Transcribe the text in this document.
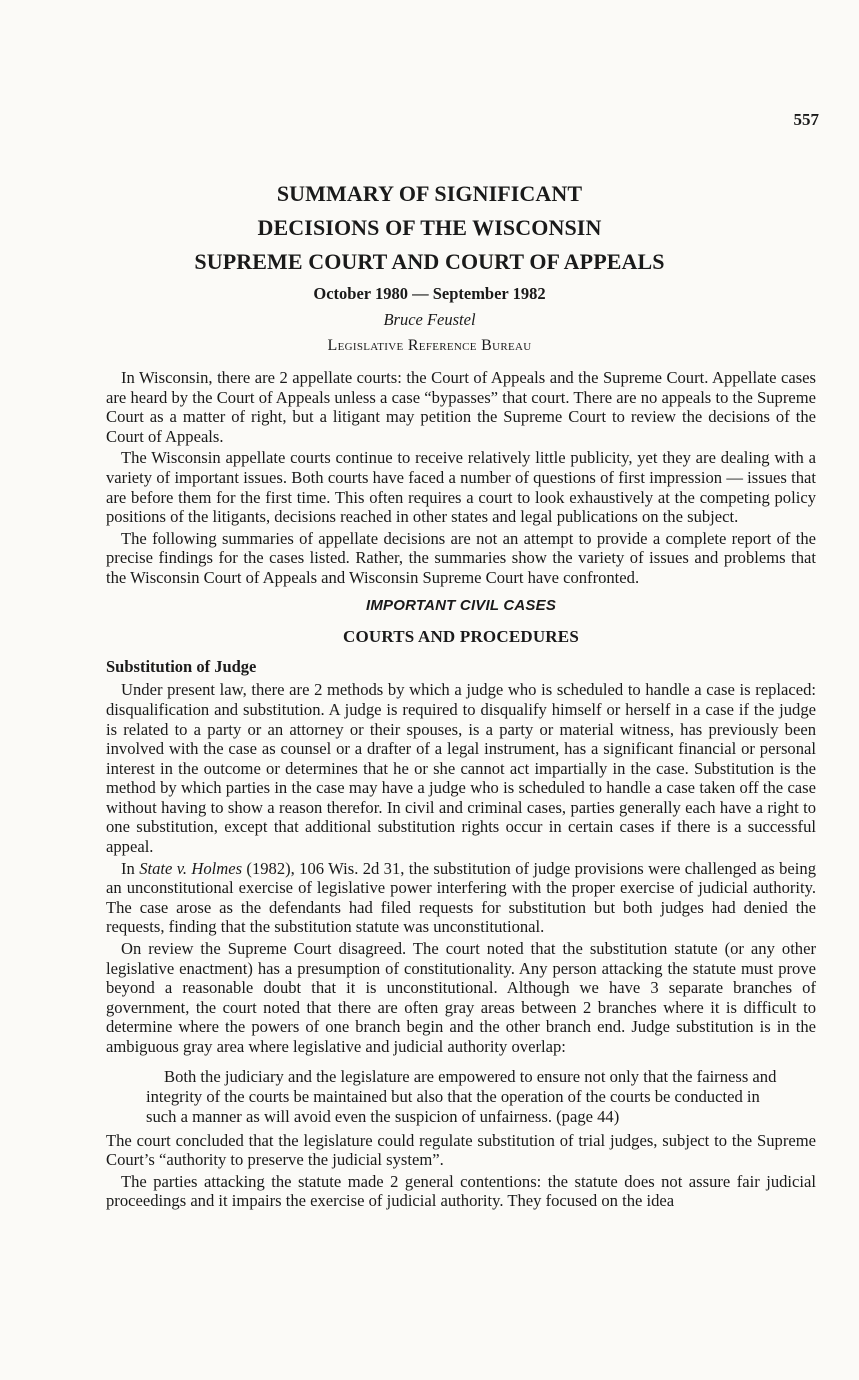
557
SUMMARY OF SIGNIFICANT
DECISIONS OF THE WISCONSIN
SUPREME COURT AND COURT OF APPEALS
October 1980 — September 1982
Bruce Feustel
Legislative Reference Bureau

In Wisconsin, there are 2 appellate courts: the Court of Appeals and the Supreme Court. Appellate cases are heard by the Court of Appeals unless a case “bypasses” that court. There are no appeals to the Supreme Court as a matter of right, but a litigant may petition the Supreme Court to review the decisions of the Court of Appeals.

The Wisconsin appellate courts continue to receive relatively little publicity, yet they are dealing with a variety of important issues. Both courts have faced a number of questions of first impression — issues that are before them for the first time. This often requires a court to look exhaustively at the competing policy positions of the litigants, decisions reached in other states and legal publications on the subject.

The following summaries of appellate decisions are not an attempt to provide a complete report of the precise findings for the cases listed. Rather, the summaries show the variety of issues and problems that the Wisconsin Court of Appeals and Wisconsin Supreme Court have confronted.

IMPORTANT CIVIL CASES
COURTS AND PROCEDURES
Substitution of Judge

Under present law, there are 2 methods by which a judge who is scheduled to handle a case is replaced: disqualification and substitution. A judge is required to disqualify himself or herself in a case if the judge is related to a party or an attorney or their spouses, is a party or material witness, has previously been involved with the case as counsel or a drafter of a legal instrument, has a significant financial or personal interest in the outcome or determines that he or she cannot act impartially in the case. Substitution is the method by which parties in the case may have a judge who is scheduled to handle a case taken off the case without having to show a reason therefor. In civil and criminal cases, parties generally each have a right to one substitution, except that additional substitution rights occur in certain cases if there is a successful appeal.

In State v. Holmes (1982), 106 Wis. 2d 31, the substitution of judge provisions were challenged as being an unconstitutional exercise of legislative power interfering with the proper exercise of judicial authority. The case arose as the defendants had filed requests for substitution but both judges had denied the requests, finding that the substitution statute was unconstitutional.

On review the Supreme Court disagreed. The court noted that the substitution statute (or any other legislative enactment) has a presumption of constitutionality. Any person attacking the statute must prove beyond a reasonable doubt that it is unconstitutional. Although we have 3 separate branches of government, the court noted that there are often gray areas between 2 branches where it is difficult to determine where the powers of one branch begin and the other branch end. Judge substitution is in the ambiguous gray area where legislative and judicial authority overlap:

Both the judiciary and the legislature are empowered to ensure not only that the fairness and integrity of the courts be maintained but also that the operation of the courts be conducted in such a manner as will avoid even the suspicion of unfairness. (page 44)

The court concluded that the legislature could regulate substitution of trial judges, subject to the Supreme Court’s “authority to preserve the judicial system”.

The parties attacking the statute made 2 general contentions: the statute does not assure fair judicial proceedings and it impairs the exercise of judicial authority. They focused on the idea
